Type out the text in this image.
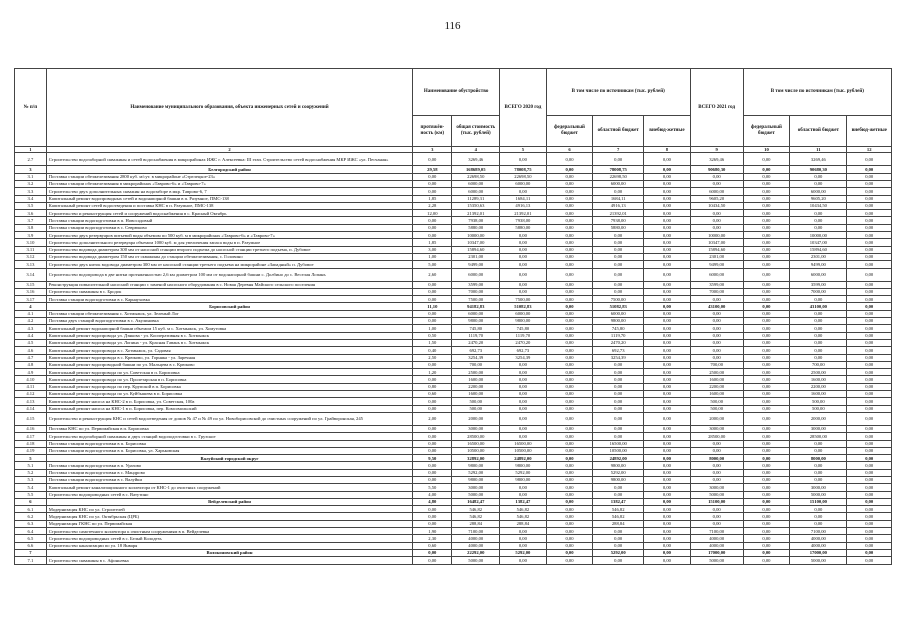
116
№ п/п	Наименование муниципального образования, объекта инженерных сетей и сооружений	Наименование обустройство		ВСЕГО 2020 год	В том числе по источникам (тыс. рублей)			ВСЕГО 2021 год	В том числе по источникам (тыс. рублей)		
		протяжён-ность (км)	общая стоимость (тыс. рублей)		федеральный бюджет	областной бюджет	внебюд-жетные		федеральный бюджет	областной бюджет	внебюд-жетные
1	2	3	4	5	6	7	8	9	10	11	12
2.7	Строительство водозаборной скважины и сетей водоснабжения в микрорайонах ИЖС г. Алексеевка: III этап. Строительство сетей водоснабжения МКР ИЖС «ул. Песчаная»	0,00	3269,46	0,00	0,00	0,00	0,00	3269,46	0,00	3269,46	0,00
3	Белгородский район	29,58	168689,05	78008,75	0,00	78008,75	0,00	90680,30	0,00	90680,30	0,00
3.1	Поставка станции обезжелезивания 2800 куб. м/сут. в микрорайоне «Стрелецкое-23»	0,00	22698,50	22698,50	0,00	22698,50	0,00	0,00	0,00	0,00	0,00
3.2	Поставка станции обезжелезивания в микрорайонах «Таврово-6» и «Таврово-7»	0,00	6000,00	6000,00	0,00	6000,00	0,00	0,00	0,00	0,00	0,00
3.3	Строительство двух дополнительных скважин на водозаборе в мкр. Таврово-6, 7	0,00	6000,00	0,00	0,00	0,00	0,00	6000,00	0,00	6000,00	0,00
3.4	Капитальный ремонт водопроводных сетей и водонапорной башни в п. Разумное, ПМС-138	1,85	11289,31	1684,11	0,00	1684,11	0,00	9605,20	0,00	9605,20	0,00
3.5	Капитальный ремонт сетей водоотведения и поставка КНС в п. Разумное, ПМС-138	2,28	15350,63	4916,13	0,00	4916,13	0,00	10434,50	0,00	10434,50	0,00
3.6	Строительство и реконструкция сетей и сооружений водоснабжения в с. Красный Октябрь	12,00	21392,01	21392,01	0,00	21392,01	0,00	0,00	0,00	0,00	0,00
3.7	Поставка станции водоподготовки в п. Новосадовый	0,00	7938,00	7938,00	0,00	7938,00	0,00	0,00	0,00	0,00	0,00
3.8	Поставка станции водоподготовки в с. Севрюково	0,00	5880,00	5880,00	0,00	5880,00	0,00	0,00	0,00	0,00	0,00
3.9	Строительство двух резервуаров питьевой воды объемом по 500 куб. м в микрорайонах «Таврово-6» и «Таврово-7»	0,00	10000,00	0,00	0,00	0,00	0,00	10000,00	0,00	10000,00	0,00
3.10	Строительство дополнительного резервуара объемом 1000 куб. м для увеличения запаса воды в п. Разумное	1,85	10347,00	0,00	0,00	0,00	0,00	10347,00	0,00	10347,00	0,00
3.11	Строительство водовода диаметром 300 мм от насосной станции второго подъема до насосной станции третьего подъема, п. Дубовое	3,00	15894,60	0,00	0,00	0,00	0,00	15894,60	0,00	15894,60	0,00
3.12	Строительство водовода диаметром 150 мм от скважины до станции обезжелезивания, с. Головино	1,00	2301,00	0,00	0,00	0,00	0,00	2301,00	0,00	2301,00	0,00
3.13	Строительство двух ниток водовода диаметром 300 мм от насосной станции третьего подъема на микрорайоне «Западный» п. Дубовое	5,00	9499,00	0,00	0,00	0,00	0,00	9499,00	0,00	9499,00	0,00
3.14	Строительство водопровода в две нитки протяженностью 2,6 км диаметром 100 мм от водонапорной башни с. Долбино до с. Веселая Лопань	2,60	6000,00	0,00	0,00	0,00	0,00	6000,00	0,00	6000,00	0,00
3.15	Реконструкция повысительной насосной станции с заменой насосного оборудования в с. Новая Деревня Майского сельского поселения	0,00	3599,00	0,00	0,00	0,00	0,00	3599,00	0,00	3599,00	0,00
3.16	Строительство скважины в с. Бродок	0,00	7000,00	0,00	0,00	0,00	0,00	7000,00	0,00	7000,00	0,00
3.17	Поставка станции водоподготовки в с. Карнауховка	0,00	7500,00	7500,00	0,00	7500,00	0,00	0,00	0,00	0,00	0,00
4	Борисовский район	11,10	94182,83	51082,83	0,00	51082,83	0,00	43100,00	0,00	43100,00	0,00
4.1	Поставка станции обезжелезивания с. Хотмыжск, ул. Зеленый Лог	0,00	6000,00	6000,00	0,00	6000,00	0,00	0,00	0,00	0,00	0,00
4.2	Поставка двух станций водоподготовки в с. Акулиновка	0,00	9800,00	9800,00	0,00	9800,00	0,00	0,00	0,00	0,00	0,00
4.3	Капитальный ремонт водонапорной башни объемом 15 куб. м с. Хотмыжск, ул. Хомутовка	1,00	745,80	745,80	0,00	745,80	0,00	0,00	0,00	0,00	0,00
4.4	Капитальный ремонт водопровода ул. Дзякова - ул. Кооперативная в с. Хотмыжск	0,50	1119,70	1119,70	0,00	1119,70	0,00	0,00	0,00	0,00	0,00
4.5	Капитальный ремонт водопровода ул. Лопина - ул. Красная Гавань в с. Хотмыжск	1,50	2470,20	2470,20	0,00	2470,20	0,00	0,00	0,00	0,00	0,00
4.6	Капитальный ремонт водопровода в с. Хотмыжск, ул. Садовая	0,40	692,73	692,73	0,00	692,73	0,00	0,00	0,00	0,00	0,00
4.7	Капитальный ремонт водопровода в с. Крюково, ул. Горняка - ул. Заречная	2,50	3254,39	3254,39	0,00	3254,39	0,00	0,00	0,00	0,00	0,00
4.8	Капитальный ремонт водопроводной башни по ул. Мальцева в с. Крюково	0,00	700,00	0,00	0,00	0,00	0,00	700,00	0,00	700,00	0,00
4.9	Капитальный ремонт водопровода по ул. Советская в п. Борисовка	1,20	2500,00	0,00	0,00	0,00	0,00	2500,00	0,00	2500,00	0,00
4.10	Капитальный ремонт водопровода по ул. Пролетарская в п. Борисовка	0,00	1600,00	0,00	0,00	0,00	0,00	1600,00	0,00	1600,00	0,00
4.11	Капитальный ремонт водопровода по пер. Крупской в п. Борисовка	0,80	2200,00	0,00	0,00	0,00	0,00	2200,00	0,00	2200,00	0,00
4.12	Капитальный ремонт водопровода по ул. Куйбышева в п. Борисовка	0,60	1600,00	0,00	0,00	0,00	0,00	1600,00	0,00	1600,00	0,00
4.13	Капитальный ремонт насоса на КНС-2 в п. Борисовка, ул. Советская, 100а	0,00	500,00	0,00	0,00	0,00	0,00	500,00	0,00	500,00	0,00
4.14	Капитальный ремонт насоса на КНС-1 в п. Борисовка, пер. Комсомольский	0,00	500,00	0,00	0,00	0,00	0,00	500,00	0,00	500,00	0,00
4.15	Строительство и реконструкция КНС и сетей водоотведения от домов № 47 и № 49 по ул. Новоборисовской до очистных сооружений по ул. Грайворонская, 245	2,00	2000,00	0,00	0,00	0,00	0,00	2000,00	0,00	2000,00	0,00
4.16	Поставка КНС по ул. Первомайская в п. Борисовка	0,00	3000,00	0,00	0,00	0,00	0,00	3000,00	0,00	3000,00	0,00
4.17	Строительство водозаборной скважины и двух станций водоподготовки в с. Грузское	0,00	28500,00	0,00	0,00	0,00	0,00	28500,00	0,00	28500,00	0,00
4.18	Поставка станции водоподготовки в п. Борисовка	0,00	16500,00	16500,00	0,00	16500,00	0,00	0,00	0,00	0,00	0,00
4.19	Поставка станции водоподготовки в п. Борисовка, ул. Харьковская	0,00	10500,00	10500,00	0,00	10500,00	0,00	0,00	0,00	0,00	0,00
5	Валуйский городской округ	9,50	32892,00	24892,00	0,00	24892,00	0,00	8000,00	0,00	8000,00	0,00
5.1	Поставка станции водоподготовки в п. Уразово	0,00	9800,00	9800,00	0,00	9800,00	0,00	0,00	0,00	0,00	0,00
5.2	Поставка станции водоподготовки в с. Мандрово	0,00	5292,00	5292,00	0,00	5292,00	0,00	0,00	0,00	0,00	0,00
5.3	Поставка станции водоподготовки в с. Валуйки	0,00	9800,00	9800,00	0,00	9800,00	0,00	0,00	0,00	0,00	0,00
5.4	Капитальный ремонт канализационного коллектора от КНС-1 до очистных сооружений	5,50	3000,00	0,00	0,00	0,00	0,00	3000,00	0,00	3000,00	0,00
5.5	Строительство водопроводных сетей в с. Ватутино	4,00	5000,00	0,00	0,00	0,00	0,00	5000,00	0,00	5000,00	0,00
6	Вейделевский район	4,80	16482,47	1382,47	0,00	1382,47	0,00	15100,00	0,00	15100,00	0,00
6.1	Модернизация КНС по ул. Строителей	0,00	546,82	546,82	0,00	546,82	0,00	0,00	0,00	0,00	0,00
6.2	Модернизация КНС по ул. Октябрьская (ЦРБ)	0,00	546,82	546,82	0,00	546,82	0,00	0,00	0,00	0,00	0,00
6.3	Модернизация ГКНС по ул. Первомайская	0,00	288,84	288,84	0,00	288,84	0,00	0,00	0,00	0,00	0,00
6.4	Строительство самотечного коллектора к очистным сооружениям в п. Вейделевка	1,90	7100,00	0,00	0,00	0,00	0,00	7100,00	0,00	7100,00	0,00
6.5	Строительство водопроводных сетей в с. Белый Колодезь	2,30	4000,00	0,00	0,00	0,00	0,00	4000,00	0,00	4000,00	0,00
6.6	Строительство канализации по ул. 18 Января	0,60	4000,00	0,00	0,00	0,00	0,00	4000,00	0,00	4000,00	0,00
7	Волоконовский район	0,00	22292,00	5292,00	0,00	5292,00	0,00	17000,00	0,00	17000,00	0,00
7.1	Строительство скважины в с. Афоньевка	0,00	5000,00	0,00	0,00	0,00	0,00	5000,00	0,00	5000,00	0,00
